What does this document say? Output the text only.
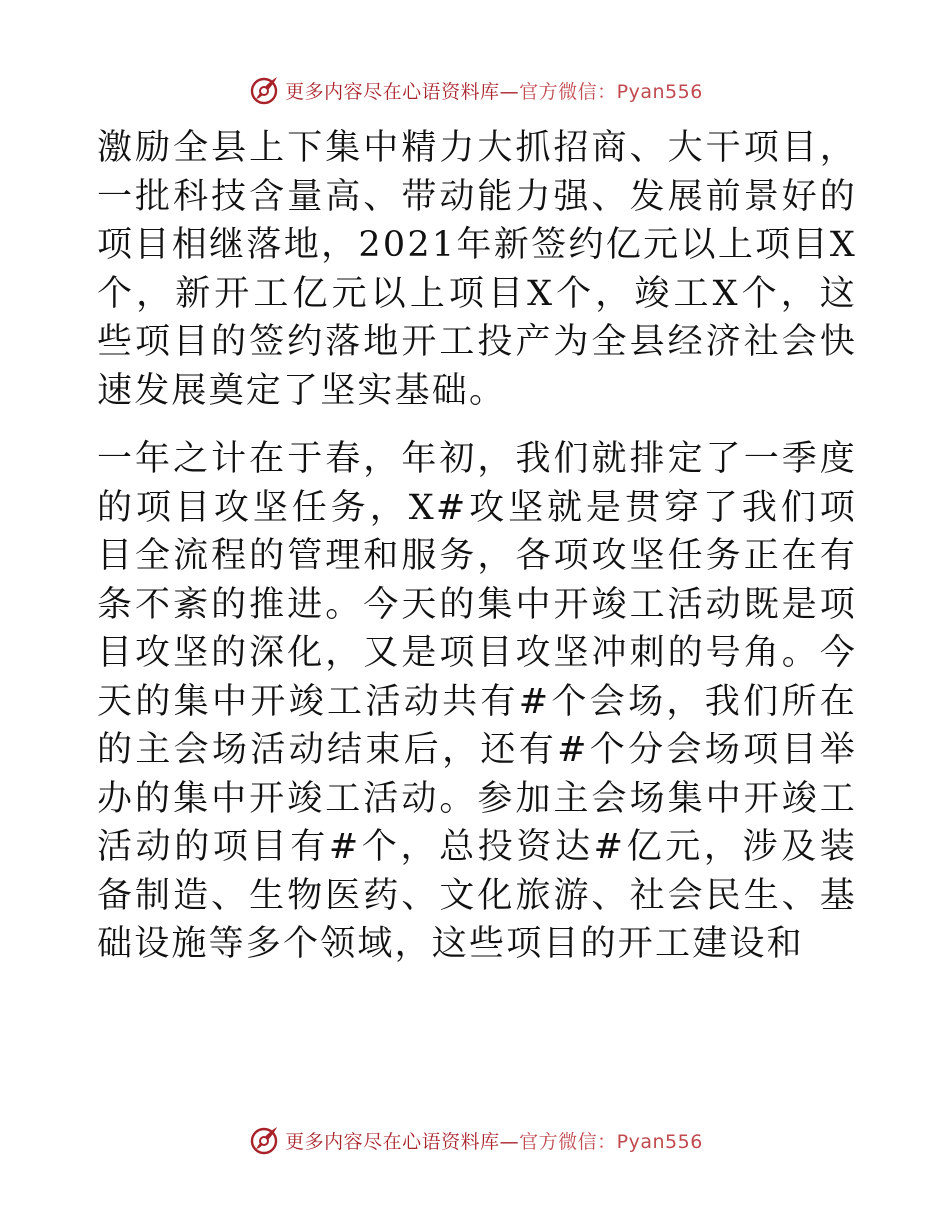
更多内容尽在心语资料库—官方微信：Pyan556

激励全县上下集中精力大抓招商、大干项目，一批科技含量高、带动能力强、发展前景好的项目相继落地，2021年新签约亿元以上项目X个，新开工亿元以上项目X个，竣工X个，这些项目的签约落地开工投产为全县经济社会快速发展奠定了坚实基础。

一年之计在于春，年初，我们就排定了一季度的项目攻坚任务，X#攻坚就是贯穿了我们项目全流程的管理和服务，各项攻坚任务正在有条不紊的推进。今天的集中开竣工活动既是项目攻坚的深化，又是项目攻坚冲刺的号角。今天的集中开竣工活动共有#个会场，我们所在的主会场活动结束后，还有#个分会场项目举办的集中开竣工活动。参加主会场集中开竣工活动的项目有#个，总投资达#亿元，涉及装备制造、生物医药、文化旅游、社会民生、基础设施等多个领域，这些项目的开工建设和

更多内容尽在心语资料库—官方微信：Pyan556
